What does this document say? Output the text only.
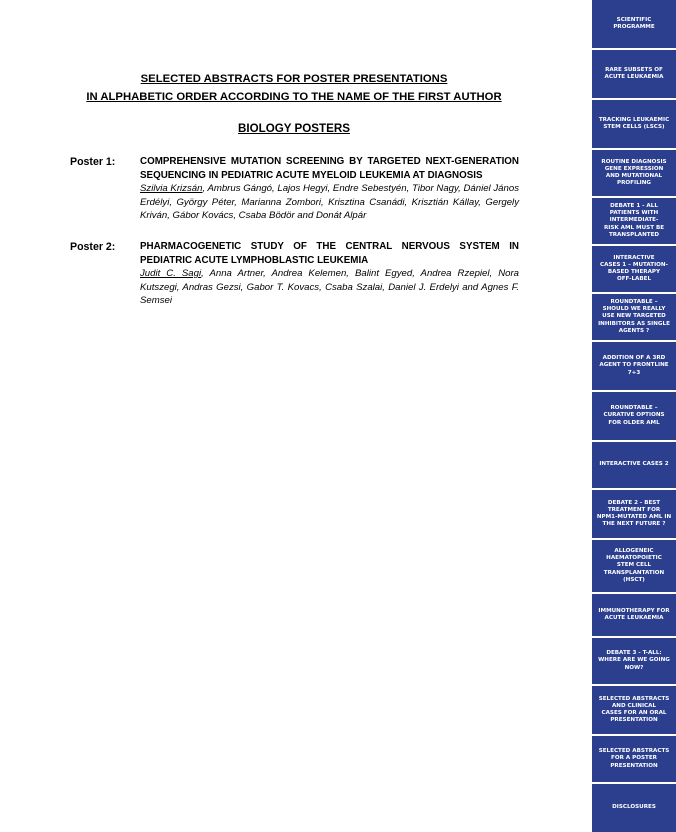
SELECTED ABSTRACTS FOR POSTER PRESENTATIONS
IN ALPHABETIC ORDER ACCORDING TO THE NAME OF THE FIRST AUTHOR
BIOLOGY POSTERS
Poster 1:	COMPREHENSIVE MUTATION SCREENING BY TARGETED NEXT-GENERATION SEQUENCING IN PEDIATRIC ACUTE MYELOID LEUKEMIA AT DIAGNOSIS
Szilvia Krizsán, Ambrus Gángó, Lajos Hegyi, Endre Sebestyén, Tibor Nagy, Dániel János Erdélyi, György Péter, Marianna Zombori, Krisztina Csanádi, Krisztián Kállay, Gergely Kriván, Gábor Kovács, Csaba Bödör and Donát Alpár
Poster 2:	PHARMACOGENETIC STUDY OF THE CENTRAL NERVOUS SYSTEM IN PEDIATRIC ACUTE LYMPHOBLASTIC LEUKEMIA
Judit C. Sagi, Anna Artner, Andrea Kelemen, Balint Egyed, Andrea Rzepiel, Nora Kutszegi, Andras Gezsi, Gabor T. Kovacs, Csaba Szalai, Daniel J. Erdelyi and Agnes F. Semsei
SCIENTIFIC
PROGRAMME
RARE SUBSETS OF
ACUTE LEUKAEMIA
TRACKING LEUKAEMIC
STEM CELLS (LSCS)
ROUTINE DIAGNOSIS
GENE EXPRESSION
AND MUTATIONAL
PROFILING
DEBATE 1 - ALL
PATIENTS WITH
INTERMEDIATE-
RISK AML MUST BE
TRANSPLANTED
INTERACTIVE
CASES 1 – MUTATION-
BASED THERAPY
OFF-LABEL
ROUNDTABLE –
SHOULD WE REALLY
USE NEW TARGETED
INHIBITORS AS SINGLE
AGENTS ?
ADDITION OF A 3RD
AGENT TO FRONTLINE
7+3
ROUNDTABLE –
CURATIVE OPTIONS
FOR OLDER AML
INTERACTIVE CASES 2
DEBATE 2 - BEST
TREATMENT FOR
NPM1-MUTATED AML IN
THE NEXT FUTURE ?
ALLOGENEIC
HAEMATOPOIETIC
STEM CELL
TRANSPLANTATION
(HSCT)
IMMUNOTHERAPY FOR
ACUTE LEUKAEMIA
DEBATE 3 - T-ALL:
WHERE ARE WE GOING
NOW?
SELECTED ABSTRACTS
AND CLINICAL
CASES FOR AN ORAL
PRESENTATION
SELECTED ABSTRACTS
FOR A POSTER
PRESENTATION
DISCLOSURES
